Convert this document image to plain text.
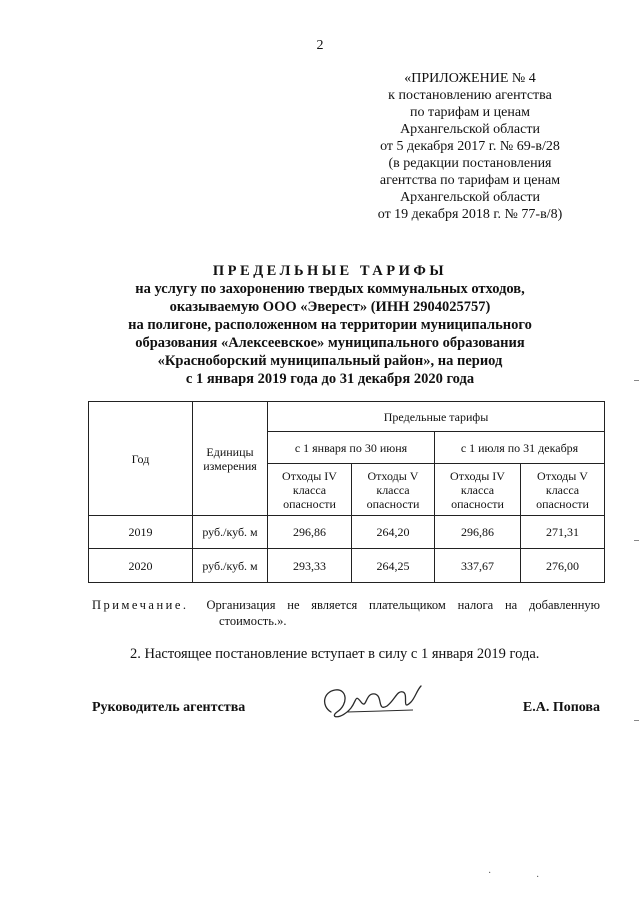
2
«ПРИЛОЖЕНИЕ № 4
к постановлению агентства
по тарифам и ценам
Архангельской области
от 5 декабря 2017 г. № 69-в/28
(в редакции постановления
агентства по тарифам и ценам
Архангельской области
от 19 декабря 2018 г. № 77-в/8)
ПРЕДЕЛЬНЫЕ ТАРИФЫ
на услугу по захоронению твердых коммунальных отходов,
оказываемую ООО «Эверест» (ИНН 2904025757)
на полигоне, расположенном на территории муниципального
образования «Алексеевское» муниципального образования
«Красноборский муниципальный район», на период
с 1 января 2019 года до 31 декабря 2020 года
Год	Единицы измерения	Предельные тарифы			
		с 1 января по 30 июня		с 1 июля по 31 декабря	
		Отходы IV класса опасности	Отходы V класса опасности	Отходы IV класса опасности	Отходы V класса опасности
2019	руб./куб. м	296,86	264,20	296,86	271,31
2020	руб./куб. м	293,33	264,25	337,67	276,00
Примечание.	Организация не является плательщиком налога на добавленную
стоимость.».
2. Настоящее постановление вступает в силу с 1 января 2019 года.
Руководитель агентства	Е.А. Попова
·	·
